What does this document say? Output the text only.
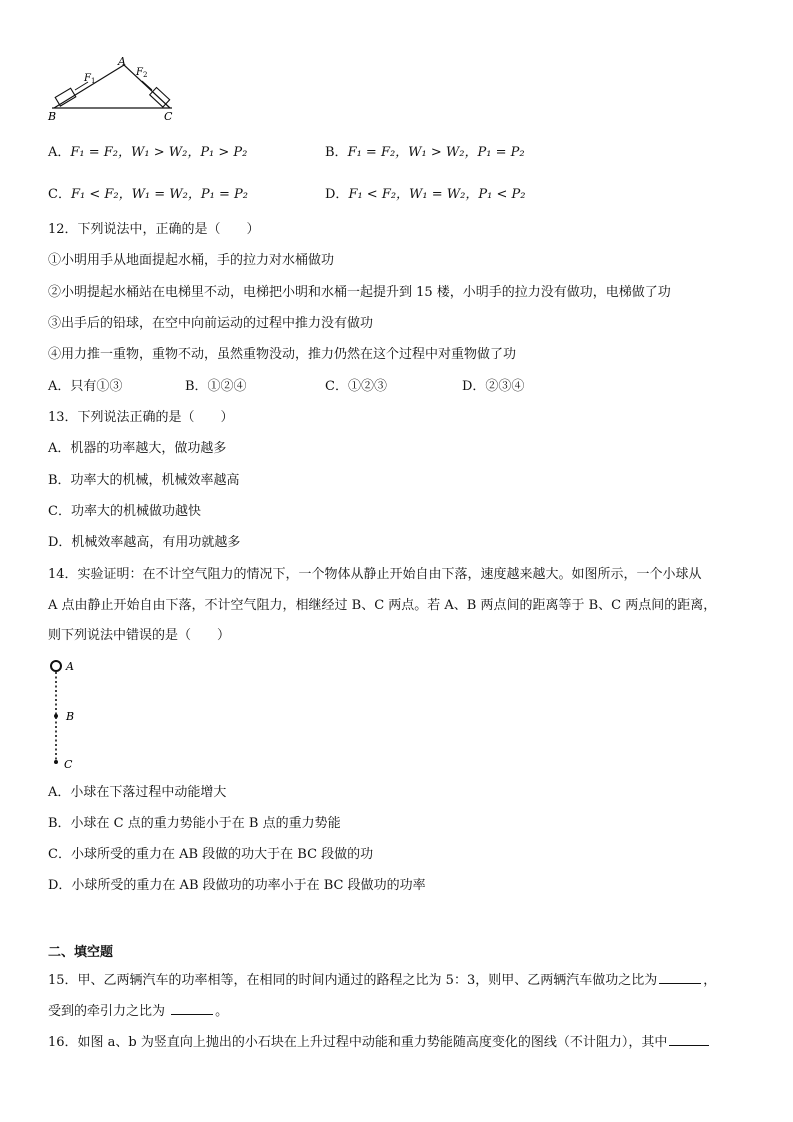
A
B	C
$F_1$
$F_2$
A．F₁ = F₂，W₁ > W₂，P₁ > P₂	B．F₁ = F₂，W₁ > W₂，P₁ = P₂
C．F₁ < F₂，W₁ = W₂，P₁ = P₂	D．F₁ < F₂，W₁ = W₂，P₁ < P₂
12．下列说法中，正确的是（　　）
①小明用手从地面提起水桶，手的拉力对水桶做功
②小明提起水桶站在电梯里不动，电梯把小明和水桶一起提升到 15 楼，小明手的拉力没有做功，电梯做了功
③出手后的铅球，在空中向前运动的过程中推力没有做功
④用力推一重物，重物不动，虽然重物没动，推力仍然在这个过程中对重物做了功
A．只有①③	B．①②④	C．①②③	D．②③④
13．下列说法正确的是（　　）
A．机器的功率越大，做功越多
B．功率大的机械，机械效率越高
C．功率大的机械做功越快
D．机械效率越高，有用功就越多
14．实验证明：在不计空气阻力的情况下，一个物体从静止开始自由下落，速度越来越大。如图所示，一个小球从
A 点由静止开始自由下落，不计空气阻力，相继经过 B、C 两点。若 A、B 两点间的距离等于 B、C 两点间的距离，
则下列说法中错误的是（　　）
A
B
C
A．小球在下落过程中动能增大
B．小球在 C 点的重力势能小于在 B 点的重力势能
C．小球所受的重力在 AB 段做的功大于在 BC 段做的功
D．小球所受的重力在 AB 段做功的功率小于在 BC 段做功的功率
二、填空题
15．甲、乙两辆汽车的功率相等，在相同的时间内通过的路程之比为 5：3，则甲、乙两辆汽车做功之比为	，
受到的牵引力之比为	。
16．如图 a、b 为竖直向上抛出的小石块在上升过程中动能和重力势能随高度变化的图线（不计阻力），其中
